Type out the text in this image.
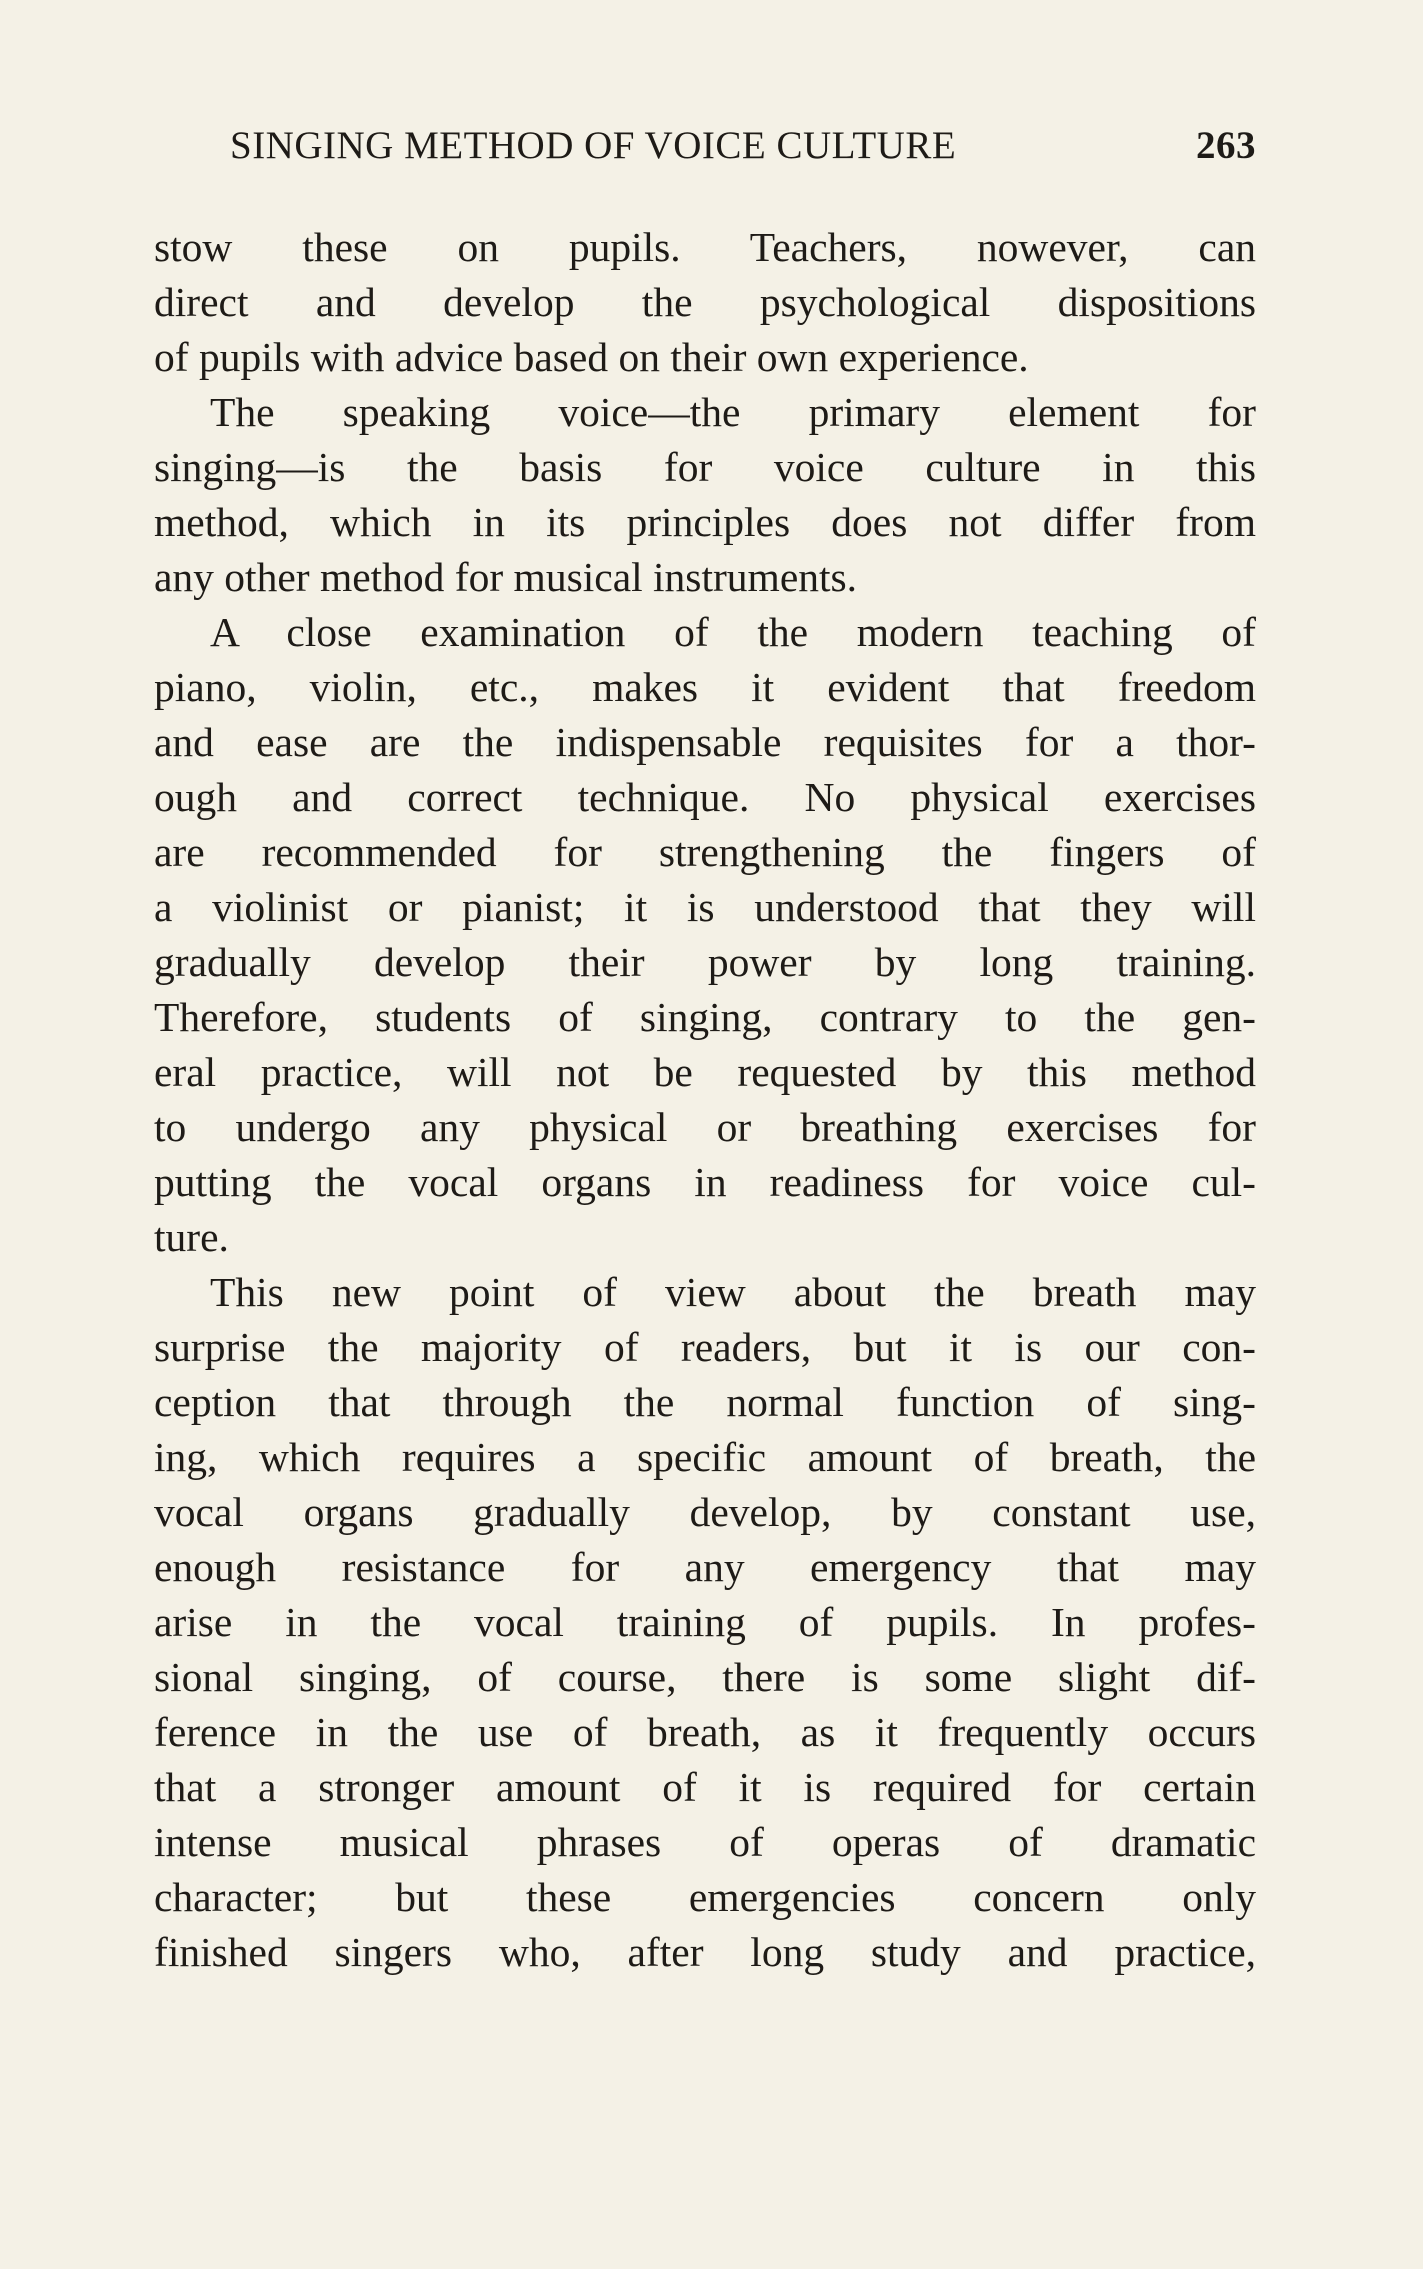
SINGING METHOD OF VOICE CULTURE	263
stow these on pupils. Teachers, nowever, can
direct and develop the psychological dispositions
of pupils with advice based on their own experience.
The speaking voice—the primary element for
singing—is the basis for voice culture in this
method, which in its principles does not differ from
any other method for musical instruments.
A close examination of the modern teaching of
piano, violin, etc., makes it evident that freedom
and ease are the indispensable requisites for a thor-
ough and correct technique. No physical exercises
are recommended for strengthening the fingers of
a violinist or pianist; it is understood that they will
gradually develop their power by long training.
Therefore, students of singing, contrary to the gen-
eral practice, will not be requested by this method
to undergo any physical or breathing exercises for
putting the vocal organs in readiness for voice cul-
ture.
This new point of view about the breath may
surprise the majority of readers, but it is our con-
ception that through the normal function of sing-
ing, which requires a specific amount of breath, the
vocal organs gradually develop, by constant use,
enough resistance for any emergency that may
arise in the vocal training of pupils. In profes-
sional singing, of course, there is some slight dif-
ference in the use of breath, as it frequently occurs
that a stronger amount of it is required for certain
intense musical phrases of operas of dramatic
character; but these emergencies concern only
finished singers who, after long study and practice,
